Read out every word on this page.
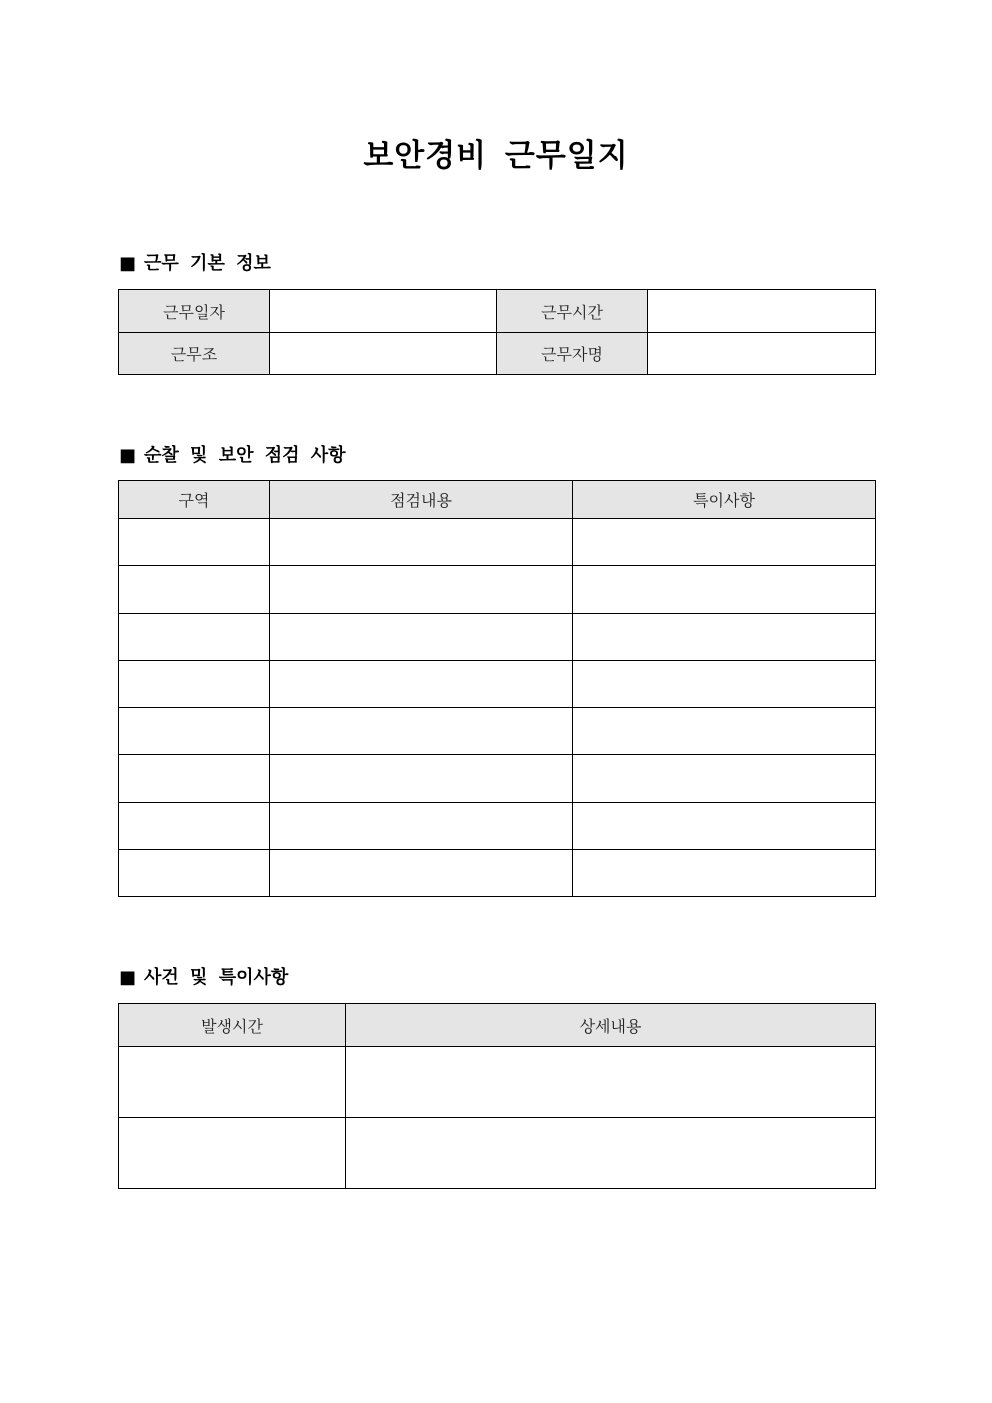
보안경비 근무일지
■ 근무 기본 정보
근무일자		근무시간	
근무조		근무자명	
■ 순찰 및 보안 점검 사항
구역	점검내용	특이사항

■ 사건 및 특이사항
발생시간	상세내용
